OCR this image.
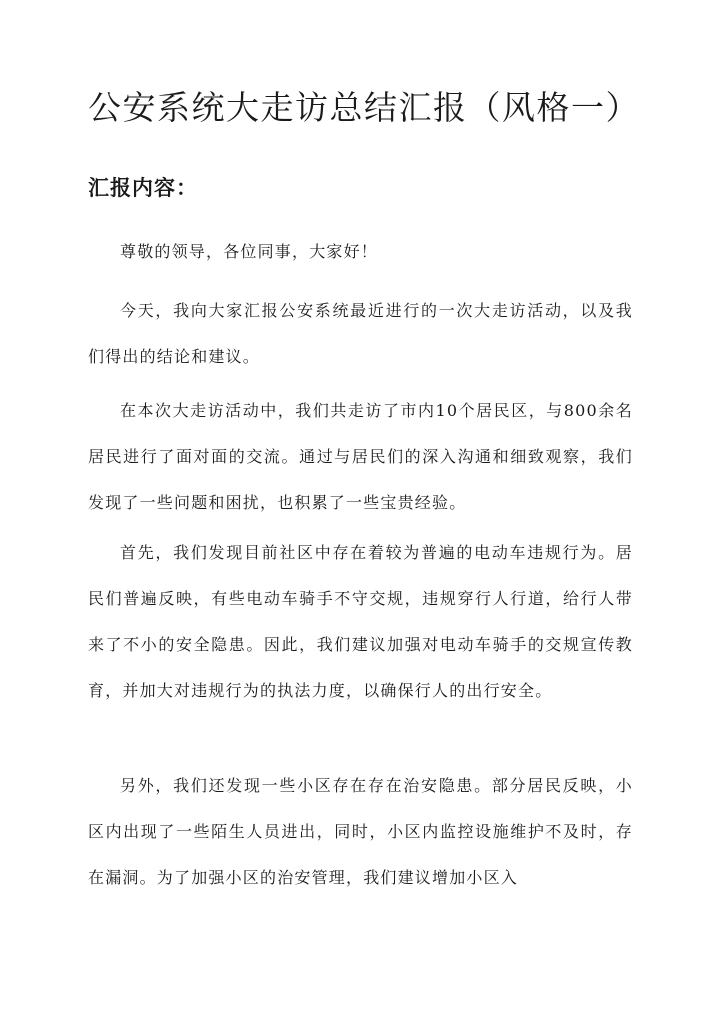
公安系统大走访总结汇报（风格一）
汇报内容：

尊敬的领导，各位同事，大家好！

今天，我向大家汇报公安系统最近进行的一次大走访活动，以及我们得出的结论和建议。

在本次大走访活动中，我们共走访了市内10个居民区，与800余名居民进行了面对面的交流。通过与居民们的深入沟通和细致观察，我们发现了一些问题和困扰，也积累了一些宝贵经验。

首先，我们发现目前社区中存在着较为普遍的电动车违规行为。居民们普遍反映，有些电动车骑手不守交规，违规穿行人行道，给行人带来了不小的安全隐患。因此，我们建议加强对电动车骑手的交规宣传教育，并加大对违规行为的执法力度，以确保行人的出行安全。

另外，我们还发现一些小区存在存在治安隐患。部分居民反映，小区内出现了一些陌生人员进出，同时，小区内监控设施维护不及时，存在漏洞。为了加强小区的治安管理，我们建议增加小区入
